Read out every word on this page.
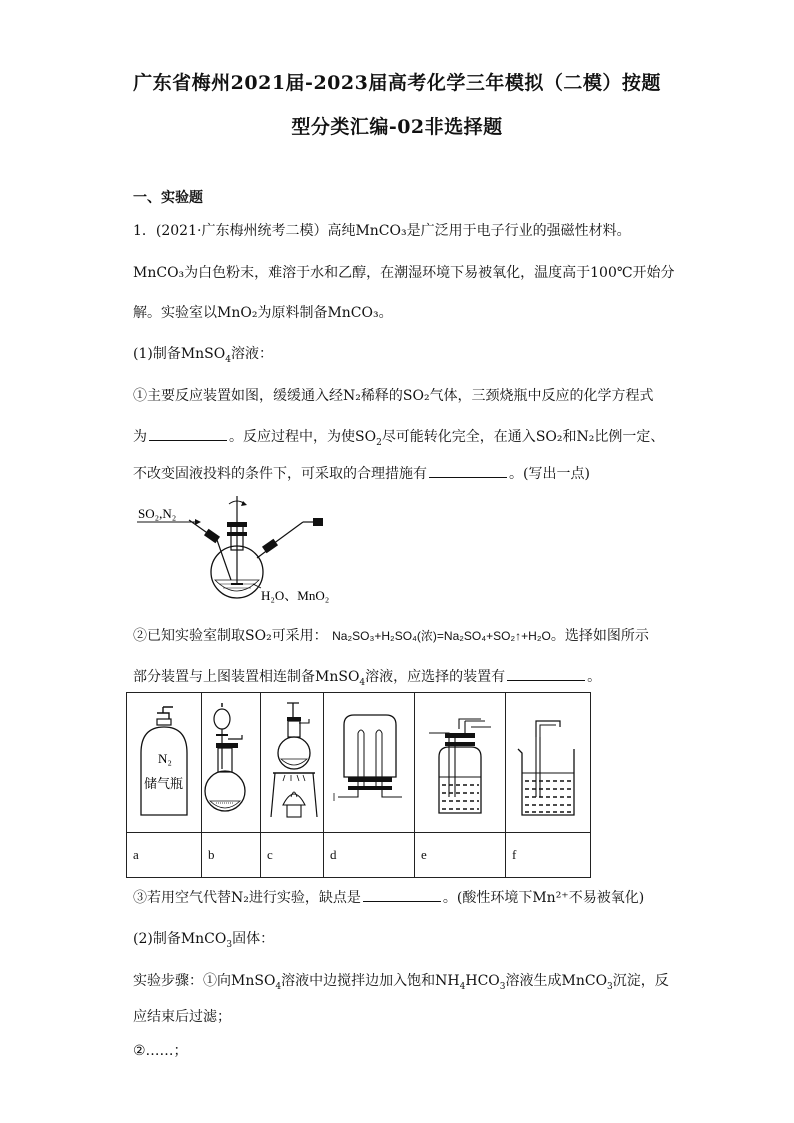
广东省梅州2021届-2023届高考化学三年模拟（二模）按题
型分类汇编-02非选择题
一、实验题
1．(2021·广东梅州统考二模）高纯MnCO₃是广泛用于电子行业的强磁性材料。
MnCO₃为白色粉末，难溶于水和乙醇，在潮湿环境下易被氧化，温度高于100℃开始分
解。实验室以MnO₂为原料制备MnCO₃。
(1)制备MnSO$_4$溶液：
①主要反应装置如图，缓缓通入经N₂稀释的SO₂气体，三颈烧瓶中反应的化学方程式
为	。反应过程中，为使$SO_2$尽可能转化完全，在通入SO₂和N₂比例一定、
不改变固液投料的条件下，可采取的合理措施有	。(写出一点)
SO₂,N₂
H₂O、MnO₂
②已知实验室制取SO₂可采用： Na₂SO₃+H₂SO₄(浓)=Na₂SO₄+SO₂↑+H₂O。选择如图所示
部分装置与上图装置相连制备MnSO$_4$溶液，应选择的装置有	。
N₂
储气瓶

a	b	c	d	e	f
③若用空气代替N₂进行实验，缺点是	。(酸性环境下Mn²⁺不易被氧化)
(2)制备MnCO$_3$固体：
实验步骤：①向MnSO$_4$溶液中边搅拌边加入饱和$NH_4HCO_3$溶液生成MnCO$_3$沉淀，反
应结束后过滤；
②……；
